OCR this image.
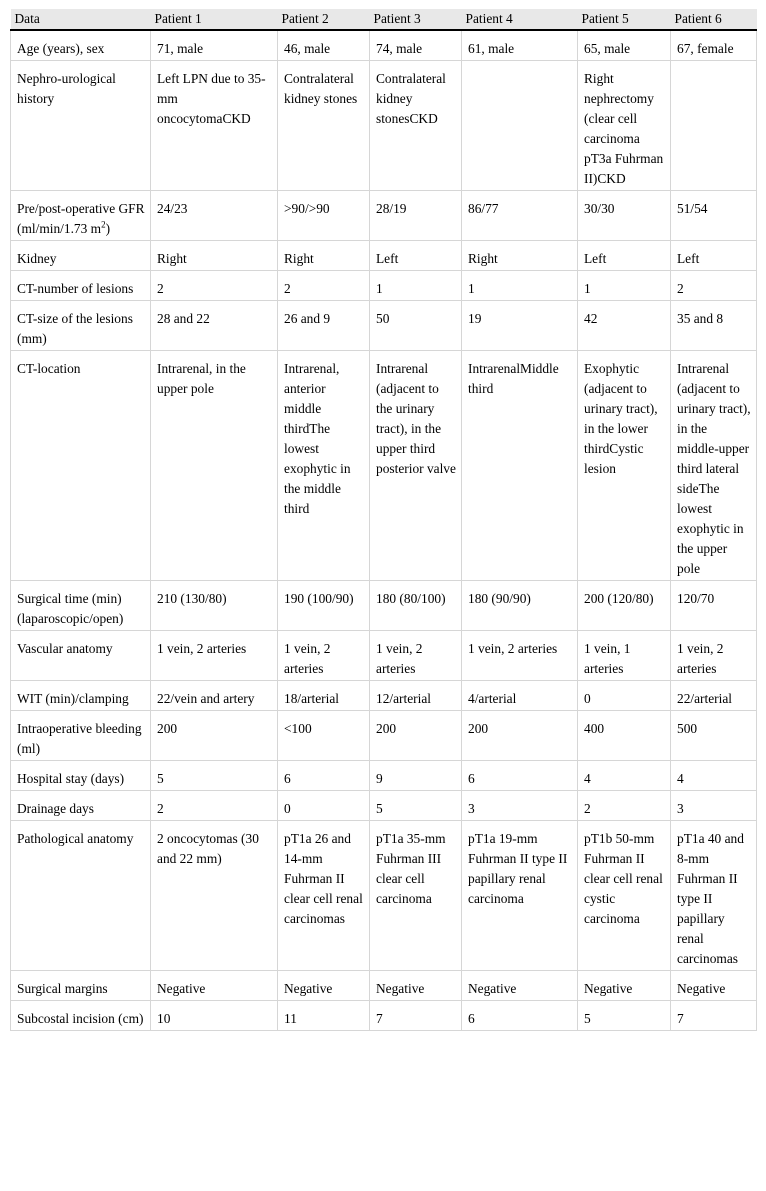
Data	Patient 1	Patient 2	Patient 3	Patient 4	Patient 5	Patient 6
Age (years), sex	71, male	46, male	74, male	61, male	65, male	67, female
Nephro-urological history	Left LPN due to 35-mm oncocytomaCKD	Contralateral kidney stones	Contralateral kidney stonesCKD		Right nephrectomy (clear cell carcinoma pT3a Fuhrman II)CKD	
Pre/post-operative GFR (ml/min/1.73 $m^2$)	24/23	>90/>90	28/19	86/77	30/30	51/54
Kidney	Right	Right	Left	Right	Left	Left
CT-number of lesions	2	2	1	1	1	2
CT-size of the lesions (mm)	28 and 22	26 and 9	50	19	42	35 and 8
CT-location	Intrarenal, in the upper pole	Intrarenal, anterior middle thirdThe lowest exophytic in the middle third	Intrarenal (adjacent to the urinary tract), in the upper third posterior valve	IntrarenalMiddle third	Exophytic (adjacent to urinary tract), in the lower thirdCystic lesion	Intrarenal (adjacent to urinary tract), in the middle-upper third lateral sideThe lowest exophytic in the upper pole
Surgical time (min) (laparoscopic/open)	210 (130/80)	190 (100/90)	180 (80/100)	180 (90/90)	200 (120/80)	120/70
Vascular anatomy	1 vein, 2 arteries	1 vein, 2 arteries	1 vein, 2 arteries	1 vein, 2 arteries	1 vein, 1 arteries	1 vein, 2 arteries
WIT (min)/clamping	22/vein and artery	18/arterial	12/arterial	4/arterial	0	22/arterial
Intraoperative bleeding (ml)	200	<100	200	200	400	500
Hospital stay (days)	5	6	9	6	4	4
Drainage days	2	0	5	3	2	3
Pathological anatomy	2 oncocytomas (30 and 22 mm)	pT1a 26 and 14-mm Fuhrman II clear cell renal carcinomas	pT1a 35-mm Fuhrman III clear cell carcinoma	pT1a 19-mm Fuhrman II type II papillary renal carcinoma	pT1b 50-mm Fuhrman II clear cell renal cystic carcinoma	pT1a 40 and 8-mm Fuhrman II type II papillary renal carcinomas
Surgical margins	Negative	Negative	Negative	Negative	Negative	Negative
Subcostal incision (cm)	10	11	7	6	5	7
